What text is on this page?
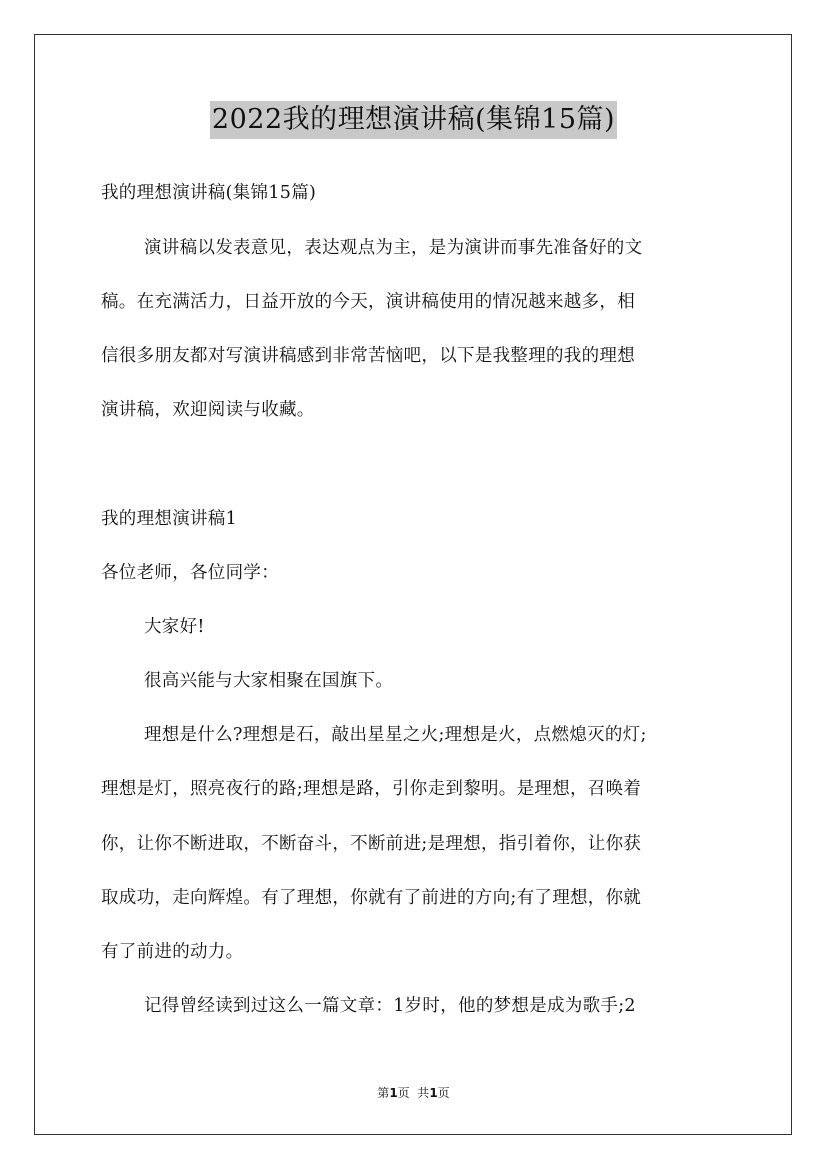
2022我的理想演讲稿(集锦15篇)
我的理想演讲稿(集锦15篇)
演讲稿以发表意见，表达观点为主，是为演讲而事先准备好的文
稿。在充满活力，日益开放的今天，演讲稿使用的情况越来越多，相
信很多朋友都对写演讲稿感到非常苦恼吧，以下是我整理的我的理想
演讲稿，欢迎阅读与收藏。
我的理想演讲稿1
各位老师，各位同学：
大家好!
很高兴能与大家相聚在国旗下。
理想是什么?理想是石，敲出星星之火;理想是火，点燃熄灭的灯;
理想是灯，照亮夜行的路;理想是路，引你走到黎明。是理想，召唤着
你，让你不断进取，不断奋斗，不断前进;是理想，指引着你，让你获
取成功，走向辉煌。有了理想，你就有了前进的方向;有了理想，你就
有了前进的动力。
记得曾经读到过这么一篇文章：1岁时，他的梦想是成为歌手;2
第1页  共1页
